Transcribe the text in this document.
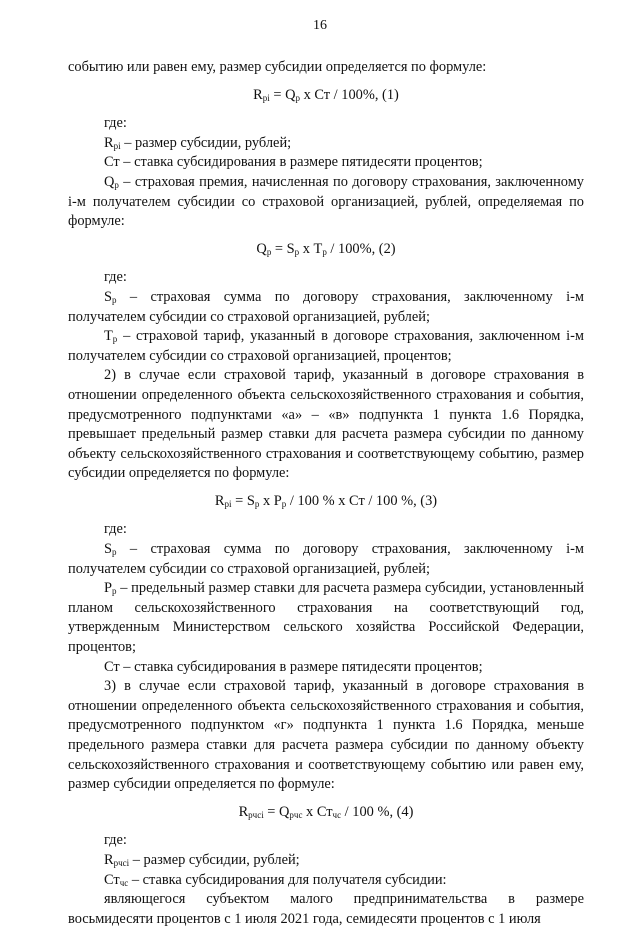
16

событию или равен ему, размер субсидии определяется по формуле:

$R_{pi} = Q_p$ х Ст / 100%, (1)

где:

$R_{pi}$ – размер субсидии, рублей;

Ст – ставка субсидирования в размере пятидесяти процентов;

$Q_p$ – страховая премия, начисленная по договору страхования, заключенному i-м получателем субсидии со страховой организацией, рублей, определяемая по формуле:

$Q_p = S_p$ х $T_p / 100\%$, (2)

где:

$S_p$ – страховая сумма по договору страхования, заключенному i-м получателем субсидии со страховой организацией, рублей;

$T_p$ – страховой тариф, указанный в договоре страхования, заключенном i-м получателем субсидии со страховой организацией, процентов;

2) в случае если страховой тариф, указанный в договоре страхования в отношении определенного объекта сельскохозяйственного страхования и события, предусмотренного подпунктами «а» – «в» подпункта 1 пункта 1.6 Порядка, превышает предельный размер ставки для расчета размера субсидии по данному объекту сельскохозяйственного страхования и соответствующему событию, размер субсидии определяется по формуле:

$R_{pi} = S_p$ х $P_p / 100$ % х Ст / 100 %, (3)

где:

$S_p$ – страховая сумма по договору страхования, заключенному i-м получателем субсидии со страховой организацией, рублей;

$P_p$ – предельный размер ставки для расчета размера субсидии, установленный планом сельскохозяйственного страхования на соответствующий год, утвержденным Министерством сельского хозяйства Российской Федерации, процентов;

Ст – ставка субсидирования в размере пятидесяти процентов;

3) в случае если страховой тариф, указанный в договоре страхования в отношении определенного объекта сельскохозяйственного страхования и события, предусмотренного подпунктом «г» подпункта 1 пункта 1.6 Порядка, меньше предельного размера ставки для расчета размера субсидии по данному объекту сельскохозяйственного страхования и соответствующему событию или равен ему, размер субсидии определяется по формуле:

$R_{pчсi} = Q_{pчс}$ х $Ст_{чс} / 100$ %, (4)

где:

$R_{pчсi}$ – размер субсидии, рублей;

$Ст_{чс}$ – ставка субсидирования для получателя субсидии:

являющегося субъектом малого предпринимательства в размере восьмидесяти процентов с 1 июля 2021 года, семидесяти процентов с 1 июля
